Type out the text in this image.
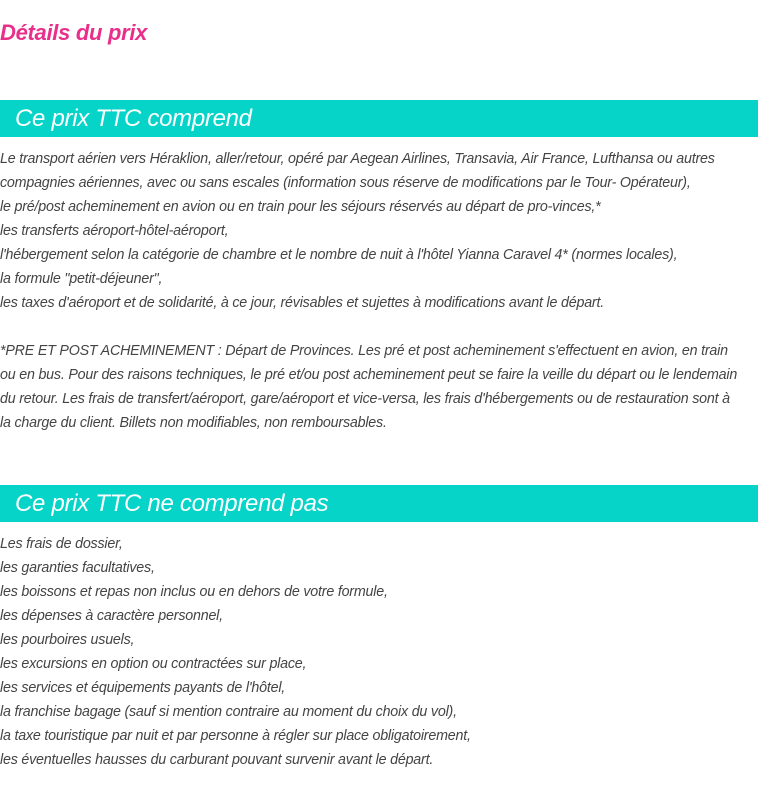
Détails du prix
Ce prix TTC comprend
Le transport aérien vers Héraklion, aller/retour, opéré par Aegean Airlines, Transavia, Air France, Lufthansa ou autres
compagnies aériennes, avec ou sans escales (information sous réserve de modifications par le Tour- Opérateur),
le pré/post acheminement en avion ou en train pour les séjours réservés au départ de pro-vinces,*
les transferts aéroport-hôtel-aéroport,
l'hébergement selon la catégorie de chambre et le nombre de nuit à l'hôtel Yianna Caravel 4* (normes locales),
la formule "petit-déjeuner",
les taxes d'aéroport et de solidarité, à ce jour, révisables et sujettes à modifications avant le départ.
*PRE ET POST ACHEMINEMENT : Départ de Provinces. Les pré et post acheminement s'effectuent en avion, en train
ou en bus. Pour des raisons techniques, le pré et/ou post acheminement peut se faire la veille du départ ou le lendemain
du retour. Les frais de transfert/aéroport, gare/aéroport et vice-versa, les frais d'hébergements ou de restauration sont à
la charge du client. Billets non modifiables, non remboursables.
Ce prix TTC ne comprend pas
Les frais de dossier,
les garanties facultatives,
les boissons et repas non inclus ou en dehors de votre formule,
les dépenses à caractère personnel,
les pourboires usuels,
les excursions en option ou contractées sur place,
les services et équipements payants de l'hôtel,
la franchise bagage (sauf si mention contraire au moment du choix du vol),
la taxe touristique par nuit et par personne à régler sur place obligatoirement,
les éventuelles hausses du carburant pouvant survenir avant le départ.
